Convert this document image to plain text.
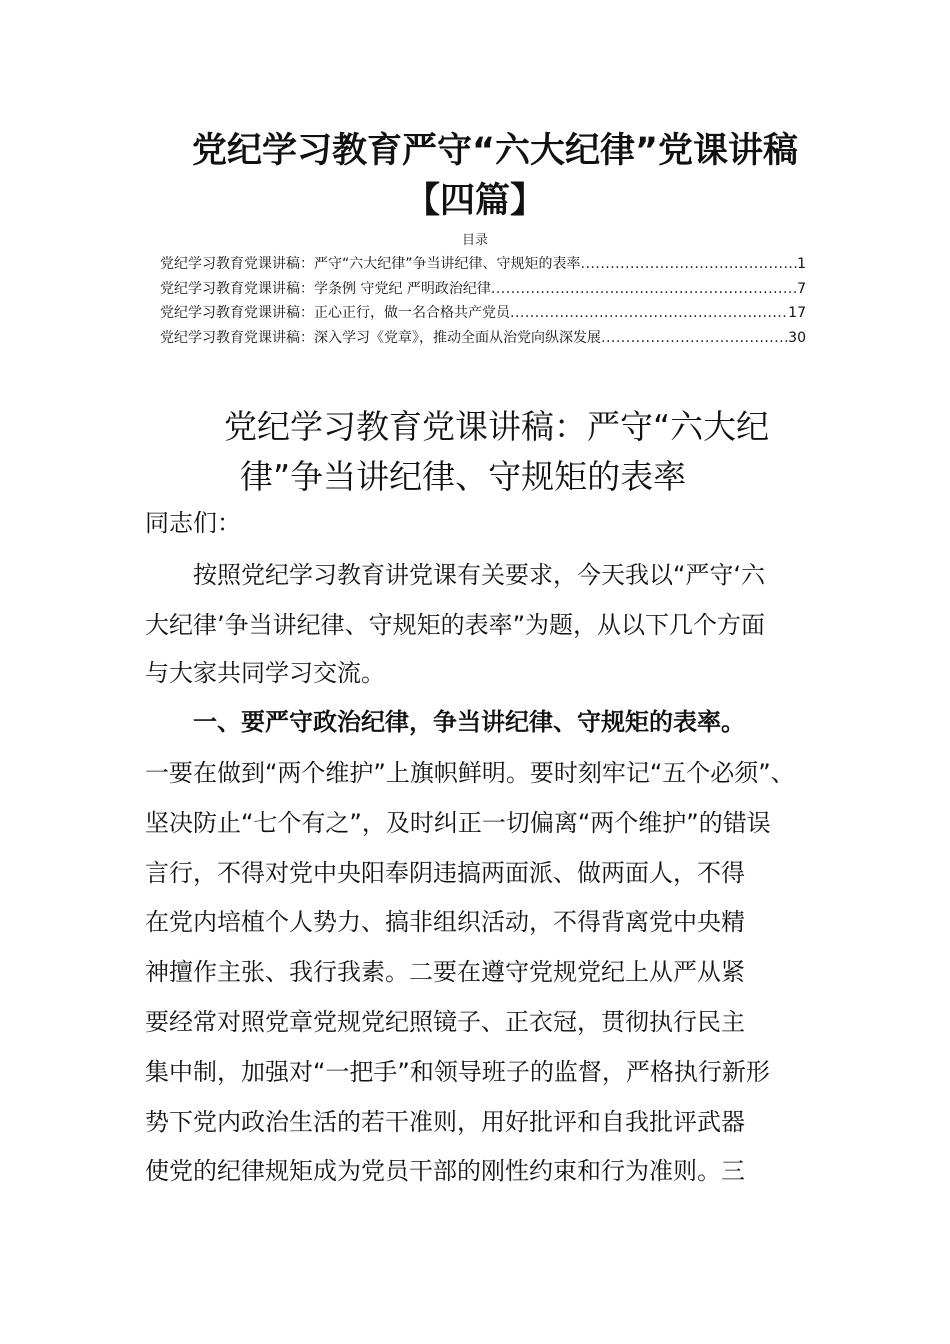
党纪学习教育严守“六大纪律”党课讲稿
【四篇】
目录
党纪学习教育党课讲稿：严守“六大纪律”争当讲纪律、守规矩的表率 .....	1
党纪学习教育党课讲稿：学条例 守党纪 严明政治纪律 .....	7
党纪学习教育党课讲稿：正心正行，做一名合格共产党员 .....	17
党纪学习教育党课讲稿：深入学习《党章》，推动全面从治党向纵深发展 .....	30
党纪学习教育党课讲稿：严守“六大纪
律”争当讲纪律、守规矩的表率
同志们：
按照党纪学习教育讲党课有关要求，今天我以“严守‘六
大纪律’争当讲纪律、守规矩的表率”为题，从以下几个方面
与大家共同学习交流。
一、要严守政治纪律，争当讲纪律、守规矩的表率。
一要在做到“两个维护”上旗帜鲜明。要时刻牢记“五个必须”、
坚决防止“七个有之”，及时纠正一切偏离“两个维护”的错误
言行，不得对党中央阳奉阴违搞两面派、做两面人，不得
在党内培植个人势力、搞非组织活动，不得背离党中央精
神擅作主张、我行我素。二要在遵守党规党纪上从严从紧
要经常对照党章党规党纪照镜子、正衣冠，贯彻执行民主
集中制，加强对“一把手”和领导班子的监督，严格执行新形
势下党内政治生活的若干准则，用好批评和自我批评武器
使党的纪律规矩成为党员干部的刚性约束和行为准则。三
